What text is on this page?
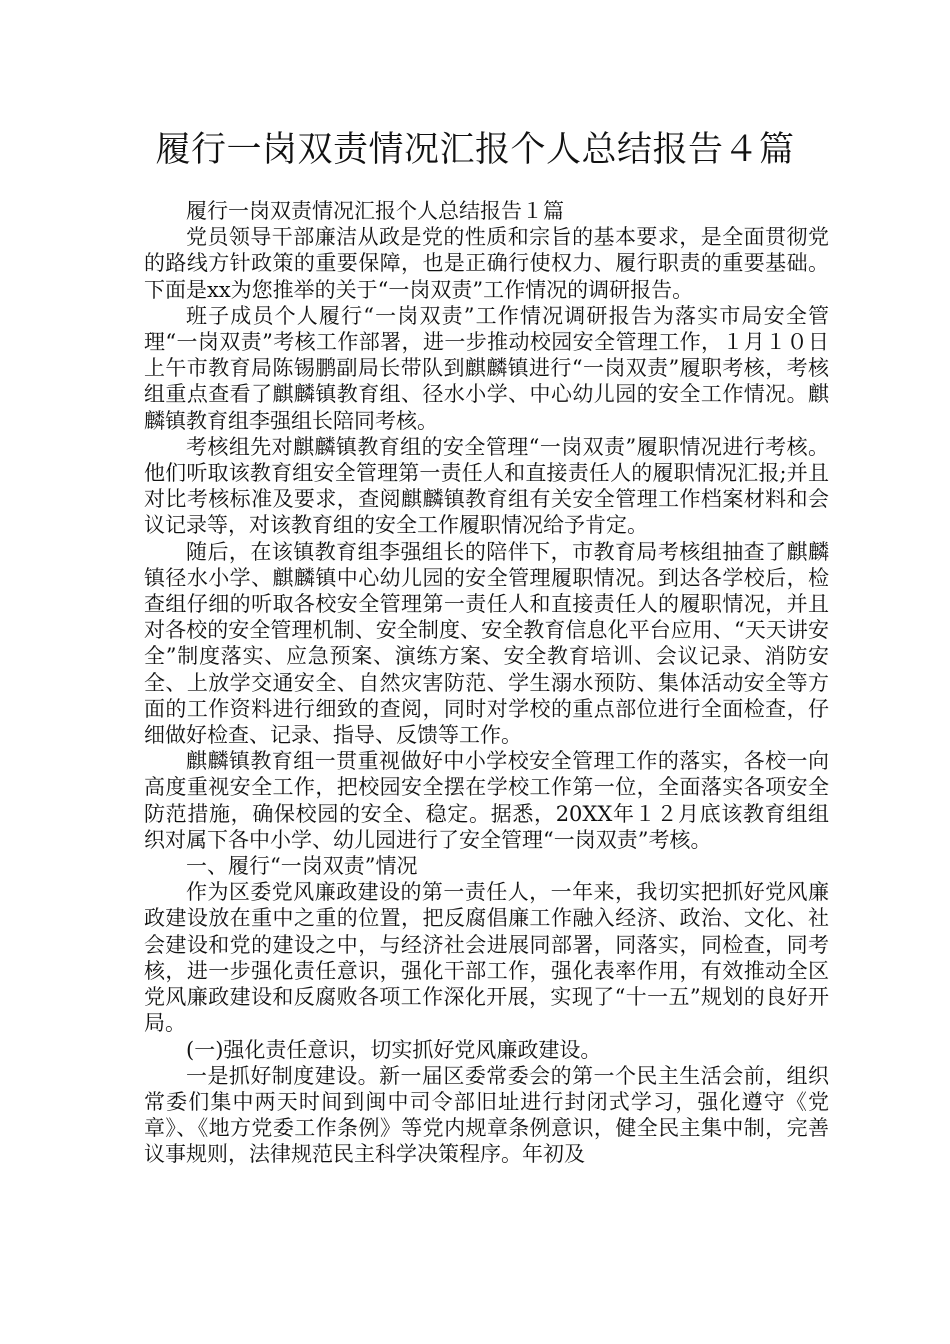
履行一岗双责情况汇报个人总结报告４篇

履行一岗双责情况汇报个人总结报告１篇

党员领导干部廉洁从政是党的性质和宗旨的基本要求，是全面贯彻党的路线方针政策的重要保障，也是正确行使权力、履行职责的重要基础。下面是xx为您推举的关于“一岗双责”工作情况的调研报告。

班子成员个人履行“一岗双责”工作情况调研报告为落实市局安全管理“一岗双责”考核工作部署，进一步推动校园安全管理工作，１月１０日上午市教育局陈锡鹏副局长带队到麒麟镇进行“一岗双责”履职考核，考核组重点查看了麒麟镇教育组、径水小学、中心幼儿园的安全工作情况。麒麟镇教育组李强组长陪同考核。

考核组先对麒麟镇教育组的安全管理“一岗双责”履职情况进行考核。他们听取该教育组安全管理第一责任人和直接责任人的履职情况汇报;并且对比考核标准及要求，查阅麒麟镇教育组有关安全管理工作档案材料和会议记录等，对该教育组的安全工作履职情况给予肯定。

随后，在该镇教育组李强组长的陪伴下，市教育局考核组抽查了麒麟镇径水小学、麒麟镇中心幼儿园的安全管理履职情况。到达各学校后，检查组仔细的听取各校安全管理第一责任人和直接责任人的履职情况，并且对各校的安全管理机制、安全制度、安全教育信息化平台应用、“天天讲安全”制度落实、应急预案、演练方案、安全教育培训、会议记录、消防安全、上放学交通安全、自然灾害防范、学生溺水预防、集体活动安全等方面的工作资料进行细致的查阅，同时对学校的重点部位进行全面检查，仔细做好检查、记录、指导、反馈等工作。

麒麟镇教育组一贯重视做好中小学校安全管理工作的落实，各校一向高度重视安全工作，把校园安全摆在学校工作第一位，全面落实各项安全防范措施，确保校园的安全、稳定。据悉，20XX年１２月底该教育组组织对属下各中小学、幼儿园进行了安全管理“一岗双责”考核。

一、履行“一岗双责”情况

作为区委党风廉政建设的第一责任人，一年来，我切实把抓好党风廉政建设放在重中之重的位置，把反腐倡廉工作融入经济、政治、文化、社会建设和党的建设之中，与经济社会进展同部署，同落实，同检查，同考核，进一步强化责任意识，强化干部工作，强化表率作用，有效推动全区党风廉政建设和反腐败各项工作深化开展，实现了“十一五”规划的良好开局。

(一)强化责任意识，切实抓好党风廉政建设。

一是抓好制度建设。新一届区委常委会的第一个民主生活会前，组织常委们集中两天时间到闽中司令部旧址进行封闭式学习，强化遵守《党章》、《地方党委工作条例》等党内规章条例意识，健全民主集中制，完善议事规则，法律规范民主科学决策程序。年初及
